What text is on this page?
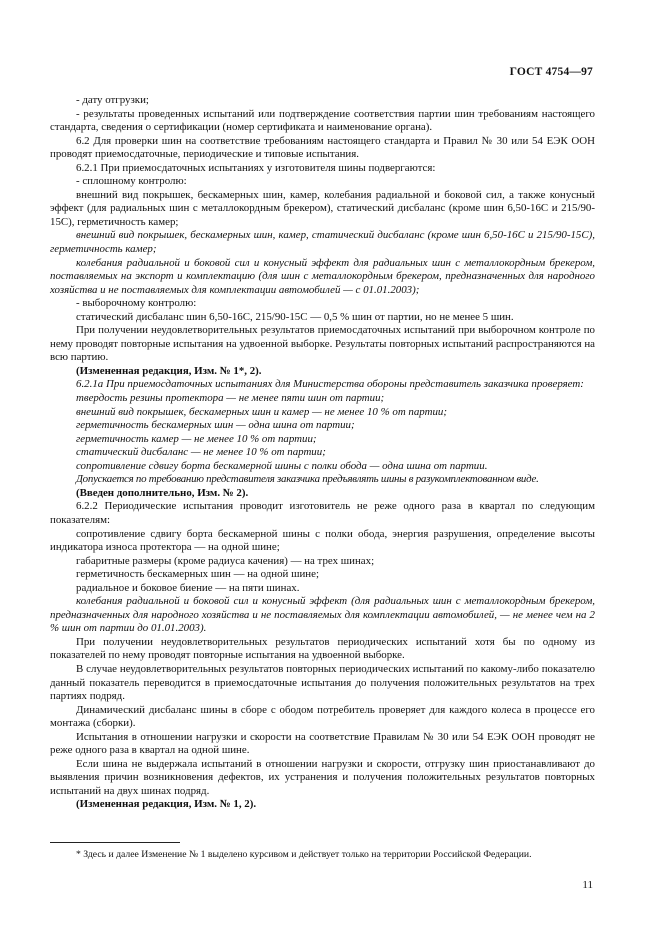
ГОСТ 4754—97

- дату отгрузки;

- результаты проведенных испытаний или подтверждение соответствия партии шин требованиям настоящего стандарта, сведения о сертификации (номер сертификата и наименование органа).

6.2 Для проверки шин на соответствие требованиям настоящего стандарта и Правил № 30 или 54 ЕЭК ООН проводят приемосдаточные, периодические и типовые испытания.

6.2.1 При приемосдаточных испытаниях у изготовителя шины подвергаются:

- сплошному контролю:

внешний вид покрышек, бескамерных шин, камер, колебания радиальной и боковой сил, а также конусный эффект (для радиальных шин с металлокордным брекером), статический дисбаланс (кроме шин 6,50-16С и 215/90-15С), герметичность камер;

внешний вид покрышек, бескамерных шин, камер, статический дисбаланс (кроме шин 6,50-16С и 215/90-15С), герметичность камер;

колебания радиальной и боковой сил и конусный эффект для радиальных шин с металлокордным брекером, поставляемых на экспорт и комплектацию (для шин с металлокордным брекером, предназначенных для народного хозяйства и не поставляемых для комплектации автомобилей — с 01.01.2003);

- выборочному контролю:

статический дисбаланс шин 6,50-16С, 215/90-15С — 0,5 % шин от партии, но не менее 5 шин.

При получении неудовлетворительных результатов приемосдаточных испытаний при выборочном контроле по нему проводят повторные испытания на удвоенной выборке. Результаты повторных испытаний распространяются на всю партию.

(Измененная редакция, Изм. № 1*, 2).

6.2.1а При приемосдаточных испытаниях для Министерства обороны представитель заказчика проверяет:

твердость резины протектора — не менее пяти шин от партии;

внешний вид покрышек, бескамерных шин и камер — не менее 10 % от партии;

герметичность бескамерных шин — одна шина от партии;

герметичность камер — не менее 10 % от партии;

статический дисбаланс — не менее 10 % от партии;

сопротивление сдвигу борта бескамерной шины с полки обода — одна шина от партии.

Допускается по требованию представителя заказчика предъявлять шины в разукомплектованном виде.

(Введен дополнительно, Изм. № 2).

6.2.2 Периодические испытания проводит изготовитель не реже одного раза в квартал по следующим показателям:

сопротивление сдвигу борта бескамерной шины с полки обода, энергия разрушения, определение высоты индикатора износа протектора — на одной шине;

габаритные размеры (кроме радиуса качения) — на трех шинах;

герметичность бескамерных шин — на одной шине;

радиальное и боковое биение — на пяти шинах.

колебания радиальной и боковой сил и конусный эффект (для радиальных шин с металлокордным брекером, предназначенных для народного хозяйства и не поставляемых для комплектации автомобилей, — не менее чем на 2 % шин от партии до 01.01.2003).

При получении неудовлетворительных результатов периодических испытаний хотя бы по одному из показателей по нему проводят повторные испытания на удвоенной выборке.

В случае неудовлетворительных результатов повторных периодических испытаний по какому-либо показателю данный показатель переводится в приемосдаточные испытания до получения положительных результатов на трех партиях подряд.

Динамический дисбаланс шины в сборе с ободом потребитель проверяет для каждого колеса в процессе его монтажа (сборки).

Испытания в отношении нагрузки и скорости на соответствие Правилам № 30 или 54 ЕЭК ООН проводят не реже одного раза в квартал на одной шине.

Если шина не выдержала испытаний в отношении нагрузки и скорости, отгрузку шин приостанавливают до выявления причин возникновения дефектов, их устранения и получения положительных результатов повторных испытаний на двух шинах подряд.

(Измененная редакция, Изм. № 1, 2).

* Здесь и далее Изменение № 1 выделено курсивом и действует только на территории Российской Федерации.
11
